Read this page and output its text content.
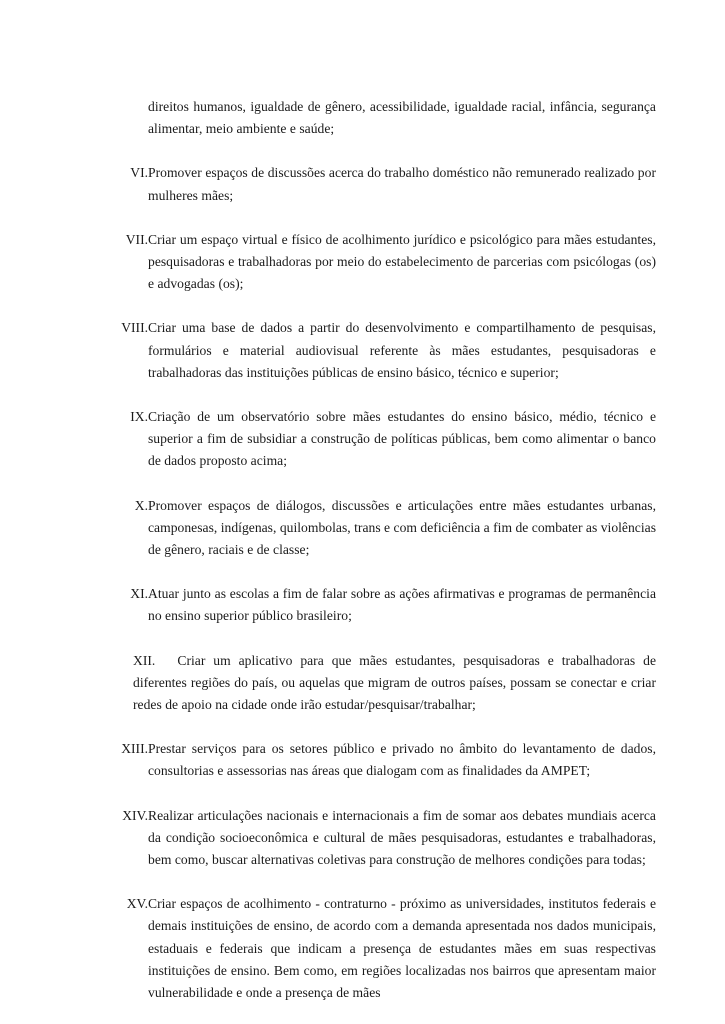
direitos humanos, igualdade de gênero, acessibilidade, igualdade racial, infância, segurança alimentar, meio ambiente e saúde;

VI. Promover espaços de discussões acerca do trabalho doméstico não remunerado realizado por mulheres mães;
VII. Criar um espaço virtual e físico de acolhimento jurídico e psicológico para mães estudantes, pesquisadoras e trabalhadoras por meio do estabelecimento de parcerias com psicólogas (os) e advogadas (os);
VIII. Criar uma base de dados a partir do desenvolvimento e compartilhamento de pesquisas, formulários e material audiovisual referente às mães estudantes, pesquisadoras e trabalhadoras das instituições públicas de ensino básico, técnico e superior;
IX. Criação de um observatório sobre mães estudantes do ensino básico, médio, técnico e superior a fim de subsidiar a construção de políticas públicas, bem como alimentar o banco de dados proposto acima;
X. Promover espaços de diálogos, discussões e articulações entre mães estudantes urbanas, camponesas, indígenas, quilombolas, trans e com deficiência a fim de combater as violências de gênero, raciais e de classe;
XI. Atuar junto as escolas a fim de falar sobre as ações afirmativas e programas de permanência no ensino superior público brasileiro;

XII. Criar um aplicativo para que mães estudantes, pesquisadoras e trabalhadoras de diferentes regiões do país, ou aquelas que migram de outros países, possam se conectar e criar redes de apoio na cidade onde irão estudar/pesquisar/trabalhar;

XIII. Prestar serviços para os setores público e privado no âmbito do levantamento de dados, consultorias e assessorias nas áreas que dialogam com as finalidades da AMPET;
XIV. Realizar articulações nacionais e internacionais a fim de somar aos debates mundiais acerca da condição socioeconômica e cultural de mães pesquisadoras, estudantes e trabalhadoras, bem como, buscar alternativas coletivas para construção de melhores condições para todas;
XV. Criar espaços de acolhimento - contraturno - próximo as universidades, institutos federais e demais instituições de ensino, de acordo com a demanda apresentada nos dados municipais, estaduais e federais que indicam a presença de estudantes mães em suas respectivas instituições de ensino. Bem como, em regiões localizadas nos bairros que apresentam maior vulnerabilidade e onde a presença de mães
